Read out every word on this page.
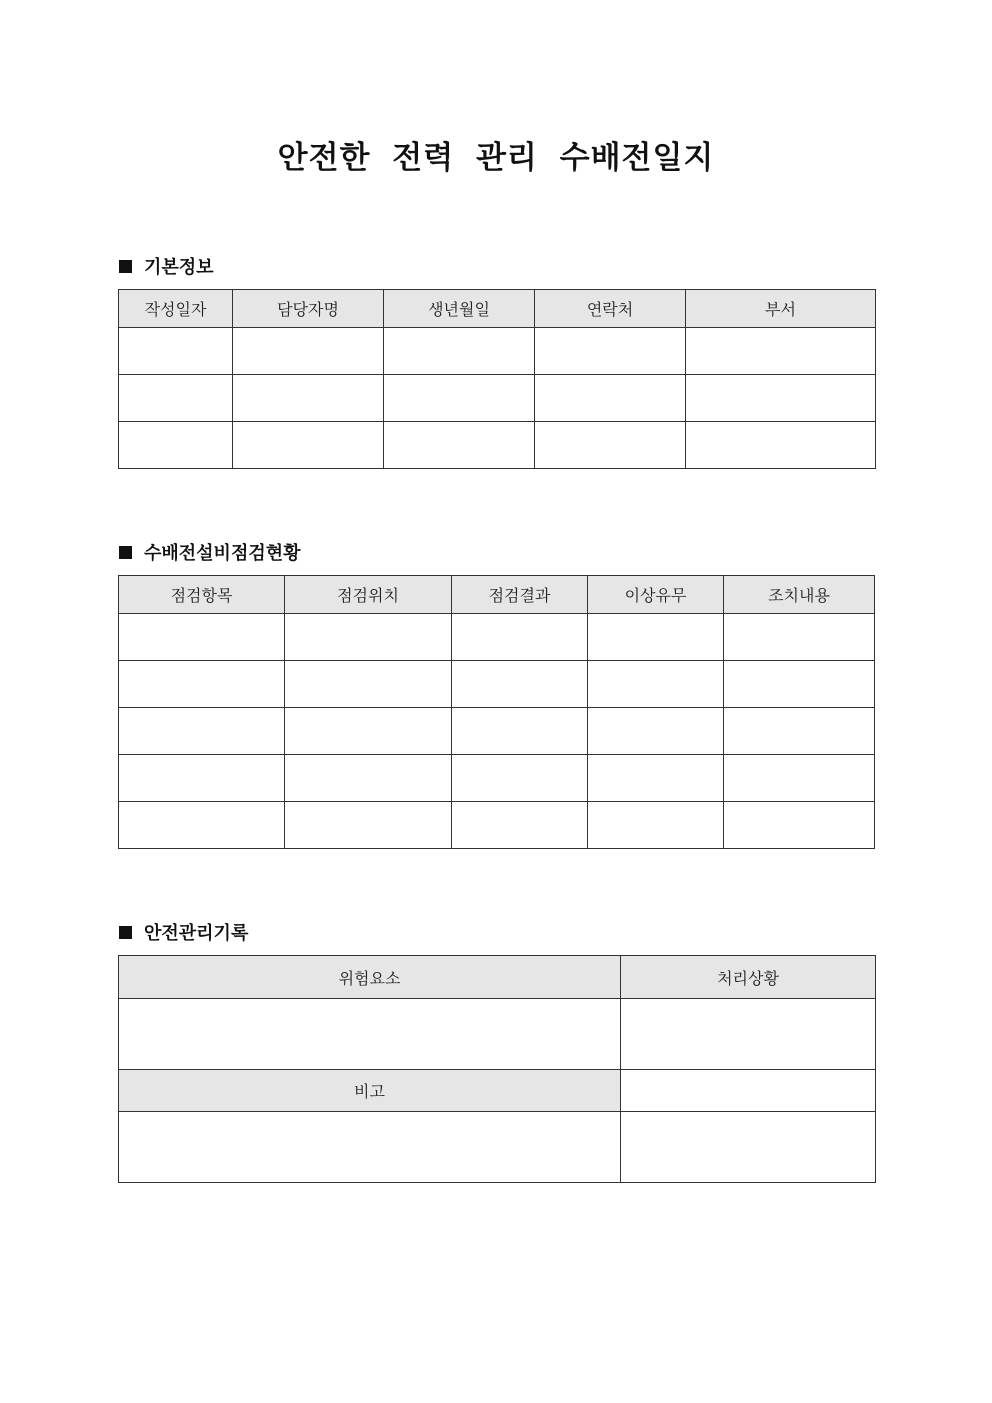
안전한 전력 관리 수배전일지
기본정보
작성일자	담당자명	생년월일	연락처	부서

수배전설비점검현황
점검항목	점검위치	점검결과	이상유무	조치내용

안전관리기록
위험요소	처리상황

비고	
